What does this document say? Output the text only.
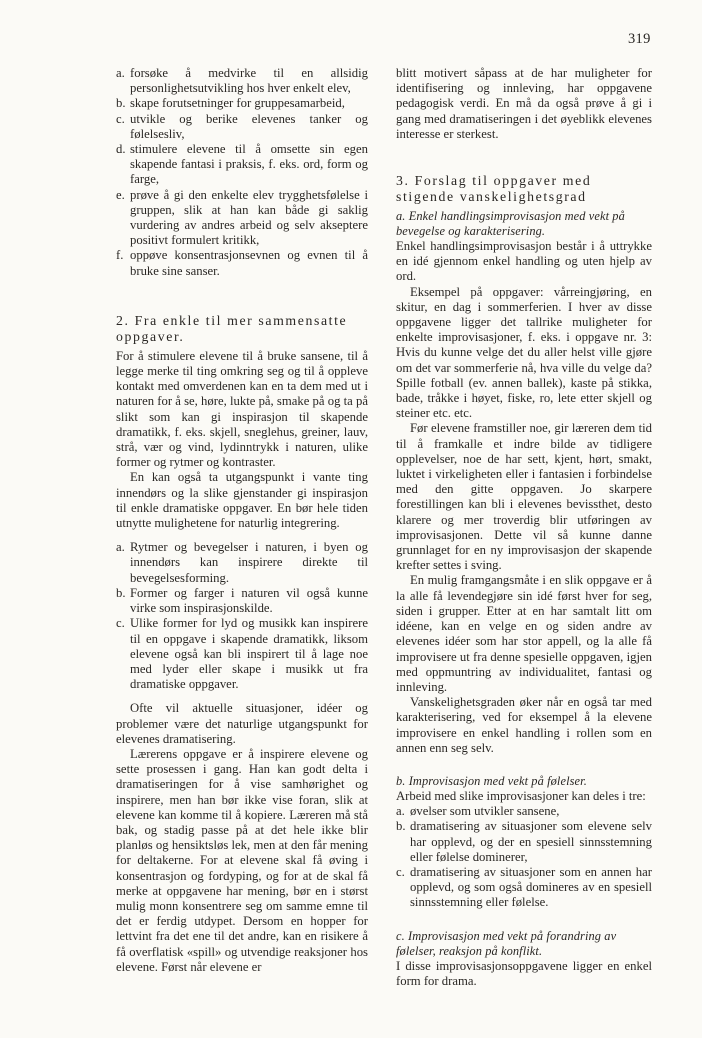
319
a. forsøke å medvirke til en allsidig personlighetsutvikling hos hver enkelt elev,
b. skape forutsetninger for gruppesamarbeid,
c. utvikle og berike elevenes tanker og følelsesliv,
d. stimulere elevene til å omsette sin egen skapende fantasi i praksis, f. eks. ord, form og farge,
e. prøve å gi den enkelte elev trygghetsfølelse i gruppen, slik at han kan både gi saklig vurdering av andres arbeid og selv akseptere positivt formulert kritikk,
f. oppøve konsentrasjonsevnen og evnen til å bruke sine sanser.
2. Fra enkle til mer sammensatte oppgaver.

For å stimulere elevene til å bruke sansene, til å legge merke til ting omkring seg og til å oppleve kontakt med omverdenen kan en ta dem med ut i naturen for å se, høre, lukte på, smake på og ta på slikt som kan gi inspirasjon til skapende dramatikk, f. eks. skjell, sneglehus, greiner, lauv, strå, vær og vind, lydinntrykk i naturen, ulike former og rytmer og kontraster.

En kan også ta utgangspunkt i vante ting innendørs og la slike gjenstander gi inspirasjon til enkle dramatiske oppgaver. En bør hele tiden utnytte mulighetene for naturlig integrering.

a. Rytmer og bevegelser i naturen, i byen og innendørs kan inspirere direkte til bevegelsesforming.
b. Former og farger i naturen vil også kunne virke som inspirasjonskilde.
c. Ulike former for lyd og musikk kan inspirere til en oppgave i skapende dramatikk, liksom elevene også kan bli inspirert til å lage noe med lyder eller skape i musikk ut fra dramatiske oppgaver.

Ofte vil aktuelle situasjoner, idéer og problemer være det naturlige utgangspunkt for elevenes dramatisering.

Lærerens oppgave er å inspirere elevene og sette prosessen i gang. Han kan godt delta i dramatiseringen for å vise samhørighet og inspirere, men han bør ikke vise foran, slik at elevene kan komme til å kopiere. Læreren må stå bak, og stadig passe på at det hele ikke blir planløs og hensiktsløs lek, men at den får mening for deltakerne. For at elevene skal få øving i konsentrasjon og fordyping, og for at de skal få merke at oppgavene har mening, bør en i størst mulig monn konsentrere seg om samme emne til det er ferdig utdypet. Dersom en hopper for lettvint fra det ene til det andre, kan en risikere å få overflatisk «spill» og utvendige reaksjoner hos elevene. Først når elevene er

blitt motivert såpass at de har muligheter for identifisering og innleving, har oppgavene pedagogisk verdi. En må da også prøve å gi i gang med dramatiseringen i det øyeblikk elevenes interesse er sterkest.

3. Forslag til oppgaver med stigende vanskelighetsgrad
a. Enkel handlingsimprovisasjon med vekt på bevegelse og karakterisering.

Enkel handlingsimprovisasjon består i å uttrykke en idé gjennom enkel handling og uten hjelp av ord.

Eksempel på oppgaver: vårreingjøring, en skitur, en dag i sommerferien. I hver av disse oppgavene ligger det tallrike muligheter for enkelte improvisasjoner, f. eks. i oppgave nr. 3: Hvis du kunne velge det du aller helst ville gjøre om det var sommerferie nå, hva ville du velge da? Spille fotball (ev. annen ballek), kaste på stikka, bade, tråkke i høyet, fiske, ro, lete etter skjell og steiner etc. etc.

Før elevene framstiller noe, gir læreren dem tid til å framkalle et indre bilde av tidligere opplevelser, noe de har sett, kjent, hørt, smakt, luktet i virkeligheten eller i fantasien i forbindelse med den gitte oppgaven. Jo skarpere forestillingen kan bli i elevenes bevissthet, desto klarere og mer troverdig blir utføringen av improvisasjonen. Dette vil så kunne danne grunnlaget for en ny improvisasjon der skapende krefter settes i sving.

En mulig framgangsmåte i en slik oppgave er å la alle få levendegjøre sin idé først hver for seg, siden i grupper. Etter at en har samtalt litt om idéene, kan en velge en og siden andre av elevenes idéer som har stor appell, og la alle få improvisere ut fra denne spesielle oppgaven, igjen med oppmuntring av individualitet, fantasi og innleving.

Vanskelighetsgraden øker når en også tar med karakterisering, ved for eksempel å la elevene improvisere en enkel handling i rollen som en annen enn seg selv.

b. Improvisasjon med vekt på følelser.

Arbeid med slike improvisasjoner kan deles i tre:

a. øvelser som utvikler sansene,
b. dramatisering av situasjoner som elevene selv har opplevd, og der en spesiell sinnsstemning eller følelse dominerer,
c. dramatisering av situasjoner som en annen har opplevd, og som også domineres av en spesiell sinnsstemning eller følelse.
c. Improvisasjon med vekt på forandring av følelser, reaksjon på konflikt.

I disse improvisasjonsoppgavene ligger en enkel form for drama.
